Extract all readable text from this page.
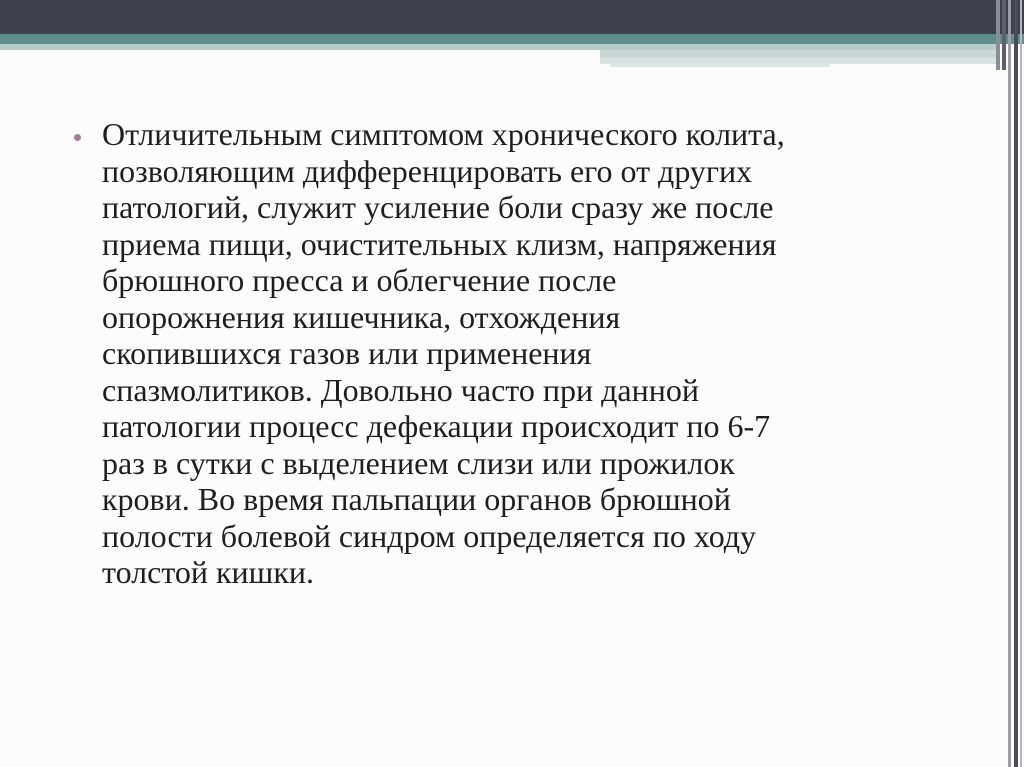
Отличительным симптомом хронического колита,
позволяющим дифференцировать его от других
патологий, служит усиление боли сразу же после
приема пищи, очистительных клизм, напряжения
брюшного пресса и облегчение после
опорожнения кишечника, отхождения
скопившихся газов или применения
спазмолитиков. Довольно часто при данной
патологии процесс дефекации происходит по 6-7
раз в сутки с выделением слизи или прожилок
крови. Во время пальпации органов брюшной
полости болевой синдром определяется по ходу
толстой кишки.
